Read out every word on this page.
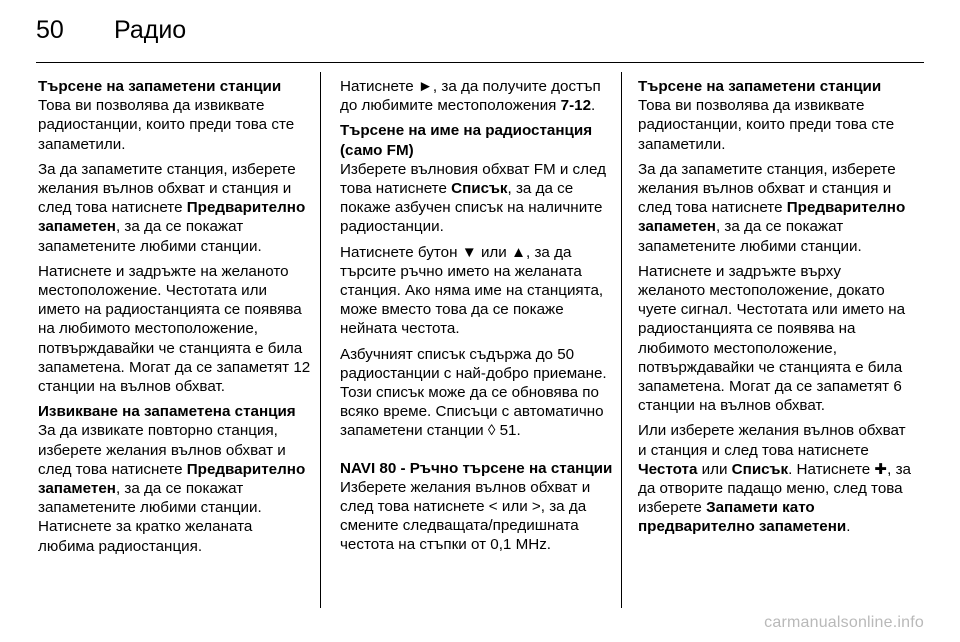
50	Радио
Търсене на запаметени станции

Това ви позволява да извиквате радиостанции, които преди това сте запаметили.

За да запаметите станция, изберете желания вълнов обхват и станция и след това натиснете Предварително запаметен, за да се покажат запаметените любими станции.

Натиснете и задръжте на желаното местоположение. Честотата или името на радиостанцията се появява на любимото местоположение, потвърждавайки че станцията е била запаметена. Могат да се запаметят 12 станции на вълнов обхват.

Извикване на запаметена станция

За да извикате повторно станция, изберете желания вълнов обхват и след това натиснете Предварително запаметен, за да се покажат запаметените любими станции. Натиснете за кратко желаната любима радиостанция.

Натиснете ►, за да получите достъп до любимите местоположения 7-12.

Търсене на име на радиостанция (само FM)

Изберете вълновия обхват FM и след това натиснете Списък, за да се покаже азбучен списък на наличните радиостанции.

Натиснете бутон ▼ или ▲, за да търсите ръчно името на желаната станция. Ако няма име на станцията, може вместо това да се покаже нейната честота.

Азбучният списък съдържа до 50 радиостанции с най-добро приемане. Този списък може да се обновява по всяко време. Списъци с автоматично запаметени станции ◊ 51.

NAVI 80 - Ръчно търсене на станции

Изберете желания вълнов обхват и след това натиснете < или >, за да смените следващата/предишната честота на стъпки от 0,1 MHz.

Търсене на запаметени станции

Това ви позволява да извиквате радиостанции, които преди това сте запаметили.

За да запаметите станция, изберете желания вълнов обхват и станция и след това натиснете Предварително запаметен, за да се покажат запаметените любими станции.

Натиснете и задръжте върху желаното местоположение, докато чуете сигнал. Честотата или името на радиостанцията се появява на любимото местоположение, потвърждавайки че станцията е била запаметена. Могат да се запаметят 6 станции на вълнов обхват.

Или изберете желания вълнов обхват и станция и след това натиснете Честота или Списък. Натиснете ✚, за да отворите падащо меню, след това изберете Запамети като предварително запаметени.

carmanualsonline.info
